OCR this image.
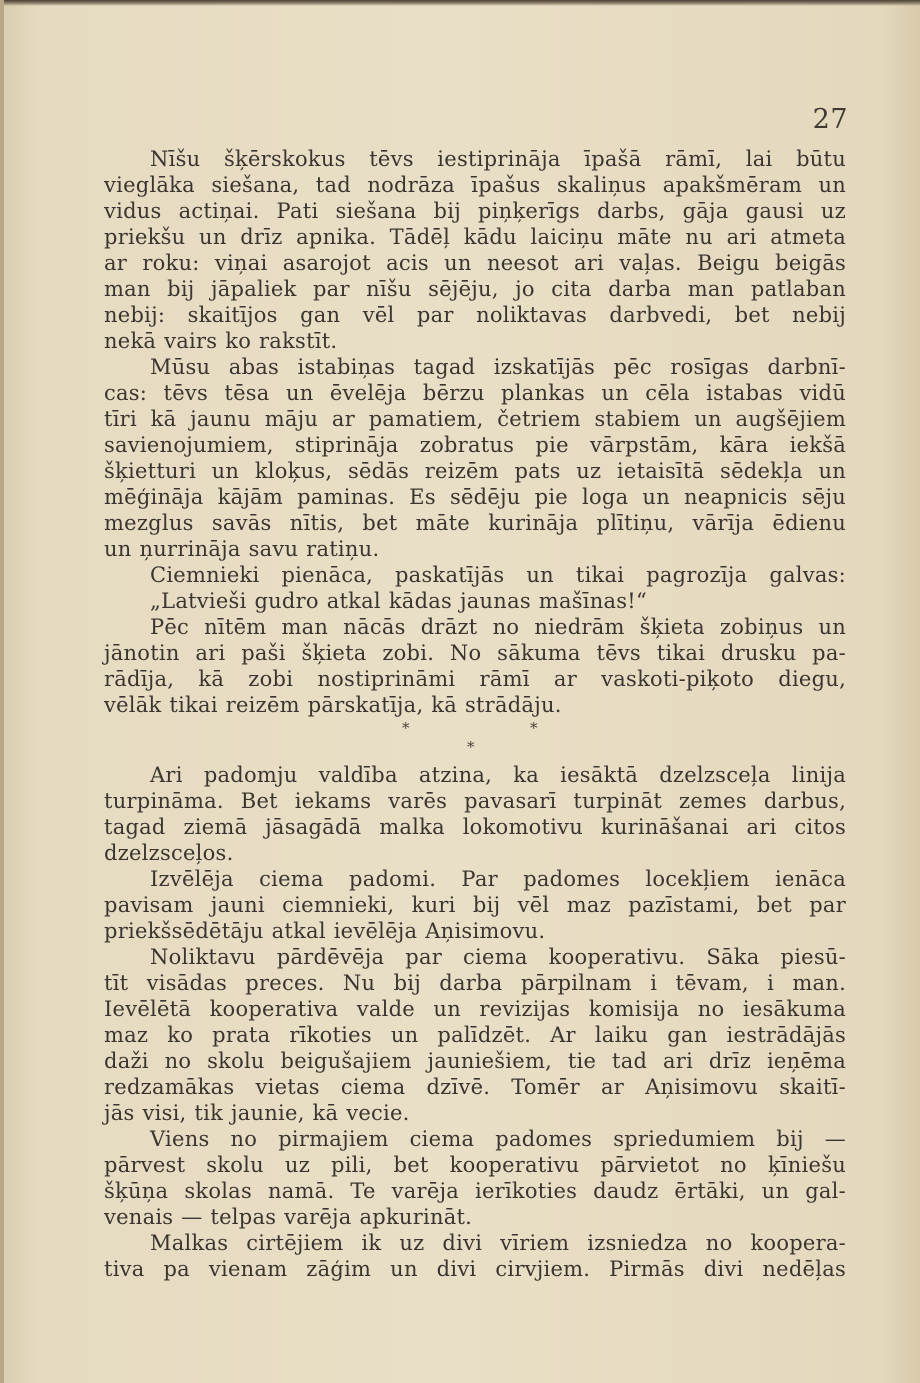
27
Nīšu šķērskokus tēvs iestiprināja īpašā rāmī, lai būtu
vieglāka siešana, tad nodrāza īpašus skaliņus apakšmēram un
vidus actiņai. Pati siešana bij piņķerīgs darbs, gāja gausi uz
priekšu un drīz apnika. Tādēļ kādu laiciņu māte nu ari atmeta
ar roku: viņai asarojot acis un neesot ari vaļas. Beigu beigās
man bij jāpaliek par nīšu sējēju, jo cita darba man patlaban
nebij: skaitījos gan vēl par noliktavas darbvedi, bet nebij
nekā vairs ko rakstīt.
Mūsu abas istabiņas tagad izskatījās pēc rosīgas darbnī-
cas: tēvs tēsa un ēvelēja bērzu plankas un cēla istabas vidū
tīri kā jaunu māju ar pamatiem, četriem stabiem un augšējiem
savienojumiem, stiprināja zobratus pie vārpstām, kāra iekšā
šķietturi un kloķus, sēdās reizēm pats uz ietaisītā sēdekļa un
mēģināja kājām paminas. Es sēdēju pie loga un neapnicis sēju
mezglus savās nītis, bet māte kurināja plītiņu, vārīja ēdienu
un ņurrināja savu ratiņu.
Ciemnieki pienāca, paskatījās un tikai pagrozīja galvas:
„Latvieši gudro atkal kādas jaunas mašīnas!“
Pēc nītēm man nācās drāzt no niedrām šķieta zobiņus un
jānotin ari paši šķieta zobi. No sākuma tēvs tikai drusku pa-
rādīja, kā zobi nostiprināmi rāmī ar vaskoti-piķoto diegu,
vēlāk tikai reizēm pārskatīja, kā strādāju.
*	*
*
Ari padomju valdība atzina, ka iesāktā dzelzsceļa linija
turpināma. Bet iekams varēs pavasarī turpināt zemes darbus,
tagad ziemā jāsagādā malka lokomotivu kurināšanai ari citos
dzelzsceļos.
Izvēlēja ciema padomi. Par padomes locekļiem ienāca
pavisam jauni ciemnieki, kuri bij vēl maz pazīstami, bet par
priekšsēdētāju atkal ievēlēja Aņisimovu.
Noliktavu pārdēvēja par ciema kooperativu. Sāka piesū-
tīt visādas preces. Nu bij darba pārpilnam i tēvam, i man.
Ievēlētā kooperativa valde un revizijas komisija no iesākuma
maz ko prata rīkoties un palīdzēt. Ar laiku gan iestrādājās
daži no skolu beigušajiem jauniešiem, tie tad ari drīz ieņēma
redzamākas vietas ciema dzīvē. Tomēr ar Aņisimovu skaitī-
jās visi, tik jaunie, kā vecie.
Viens no pirmajiem ciema padomes spriedumiem bij —
pārvest skolu uz pili, bet kooperativu pārvietot no ķīniešu
šķūņa skolas namā. Te varēja ierīkoties daudz ērtāki, un gal-
venais — telpas varēja apkurināt.
Malkas cirtējiem ik uz divi vīriem izsniedza no koopera-
tiva pa vienam zāģim un divi cirvjiem. Pirmās divi nedēļas
